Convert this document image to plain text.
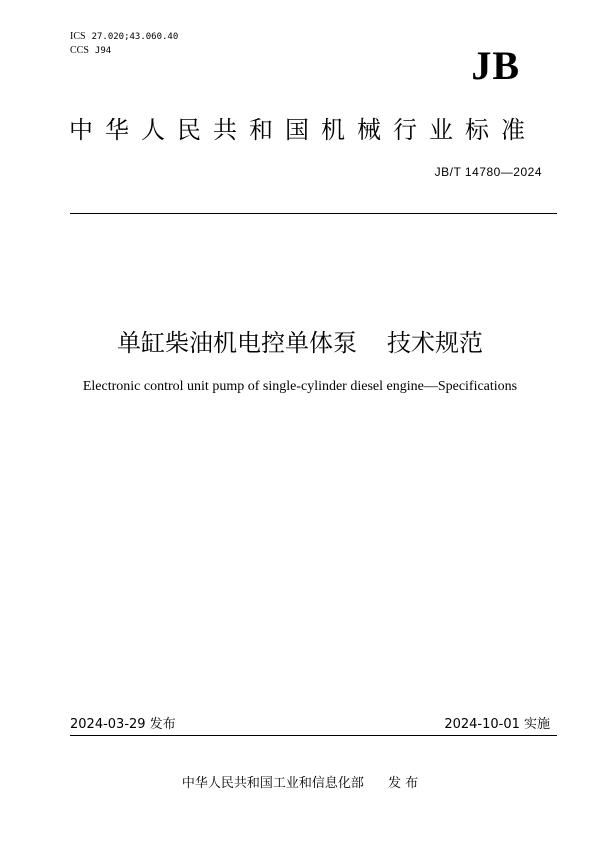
ICS 27.020;43.060.40
CCS J94	JB
中华人民共和国机械行业标准
JB/T 14780—2024
单缸柴油机电控单体泵 技术规范
Electronic control unit pump of single-cylinder diesel engine—Specifications
2024-03-29 发布	2024-10-01 实施
中华人民共和国工业和信息化部 发 布
